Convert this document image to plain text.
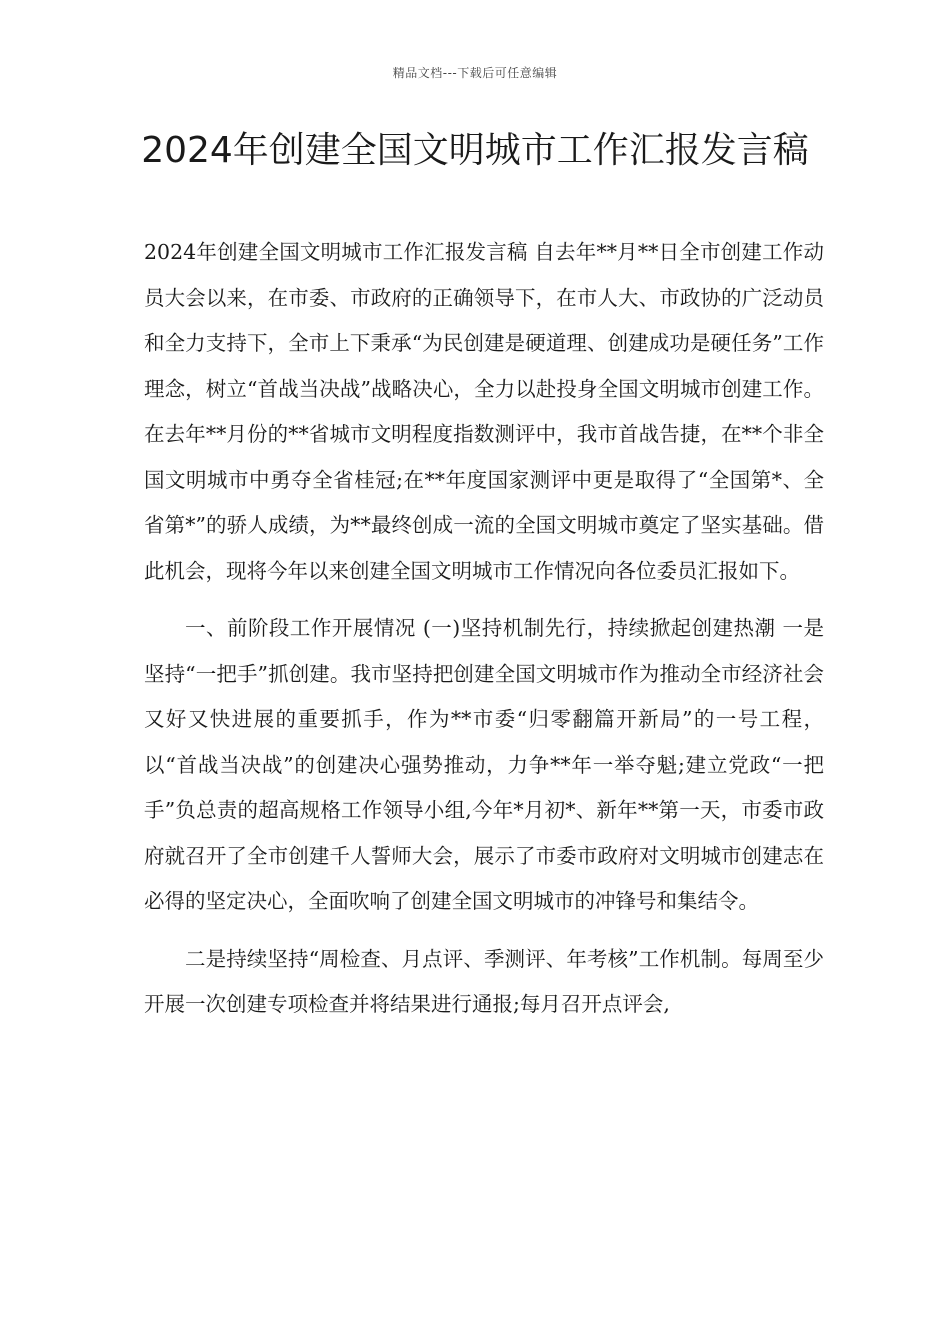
精品文档---下载后可任意编辑
2024年创建全国文明城市工作汇报发言稿

2024年创建全国文明城市工作汇报发言稿 自去年**月**日全市创建工作动员大会以来，在市委、市政府的正确领导下，在市人大、市政协的广泛动员和全力支持下，全市上下秉承“为民创建是硬道理、创建成功是硬任务”工作理念，树立“首战当决战”战略决心，全力以赴投身全国文明城市创建工作。在去年**月份的**省城市文明程度指数测评中，我市首战告捷，在**个非全国文明城市中勇夺全省桂冠;在**年度国家测评中更是取得了“全国第*、全省第*”的骄人成绩，为**最终创成一流的全国文明城市奠定了坚实基础。借此机会，现将今年以来创建全国文明城市工作情况向各位委员汇报如下。

一、前阶段工作开展情况 (一)坚持机制先行，持续掀起创建热潮 一是坚持“一把手”抓创建。我市坚持把创建全国文明城市作为推动全市经济社会又好又快进展的重要抓手，作为**市委“归零翻篇开新局”的一号工程，以“首战当决战”的创建决心强势推动，力争**年一举夺魁;建立党政“一把手”负总责的超高规格工作领导小组,今年*月初*、新年**第一天，市委市政府就召开了全市创建千人誓师大会，展示了市委市政府对文明城市创建志在必得的坚定决心，全面吹响了创建全国文明城市的冲锋号和集结令。

二是持续坚持“周检查、月点评、季测评、年考核”工作机制。每周至少开展一次创建专项检查并将结果进行通报;每月召开点评会,
